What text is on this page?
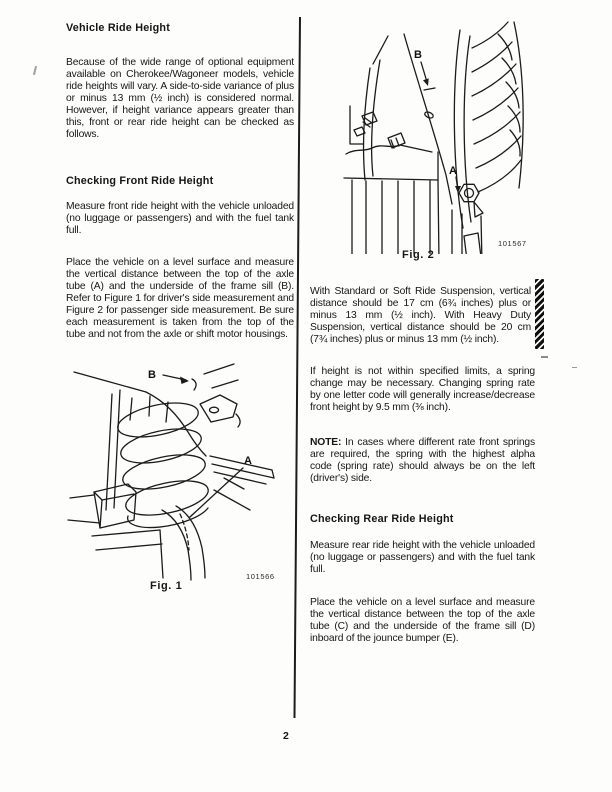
Vehicle Ride Height

Because of the wide range of optional equipment available on Cherokee/Wagoneer models, vehicle ride heights will vary. A side-to-side variance of plus or minus 13 mm (½ inch) is considered normal. However, if height variance appears greater than this, front or rear ride height can be checked as follows.

Checking Front Ride Height

Measure front ride height with the vehicle unloaded (no luggage or passengers) and with the fuel tank full.

Place the vehicle on a level surface and measure the vertical distance between the top of the axle tube (A) and the underside of the frame sill (B). Refer to Figure 1 for driver's side measurement and Figure 2 for passenger side measurement. Be sure each measurement is taken from the top of the tube and not from the axle or shift motor housings.

B
A
Fig. 1
101566
B
A
Fig. 2
101567

With Standard or Soft Ride Suspension, vertical distance should be 17 cm (6¾ inches) plus or minus 13 mm (½ inch). With Heavy Duty Suspension, vertical distance should be 20 cm (7¾ inches) plus or minus 13 mm (½ inch).

If height is not within specified limits, a spring change may be necessary. Changing spring rate by one letter code will generally increase/decrease front height by 9.5 mm (⅜ inch).

NOTE: In cases where different rate front springs are required, the spring with the highest alpha code (spring rate) should always be on the left (driver's) side.

Checking Rear Ride Height

Measure rear ride height with the vehicle unloaded (no luggage or passengers) and with the fuel tank full.

Place the vehicle on a level surface and measure the vertical distance between the top of the axle tube (C) and the underside of the frame sill (D) inboard of the jounce bumper (E).

2
